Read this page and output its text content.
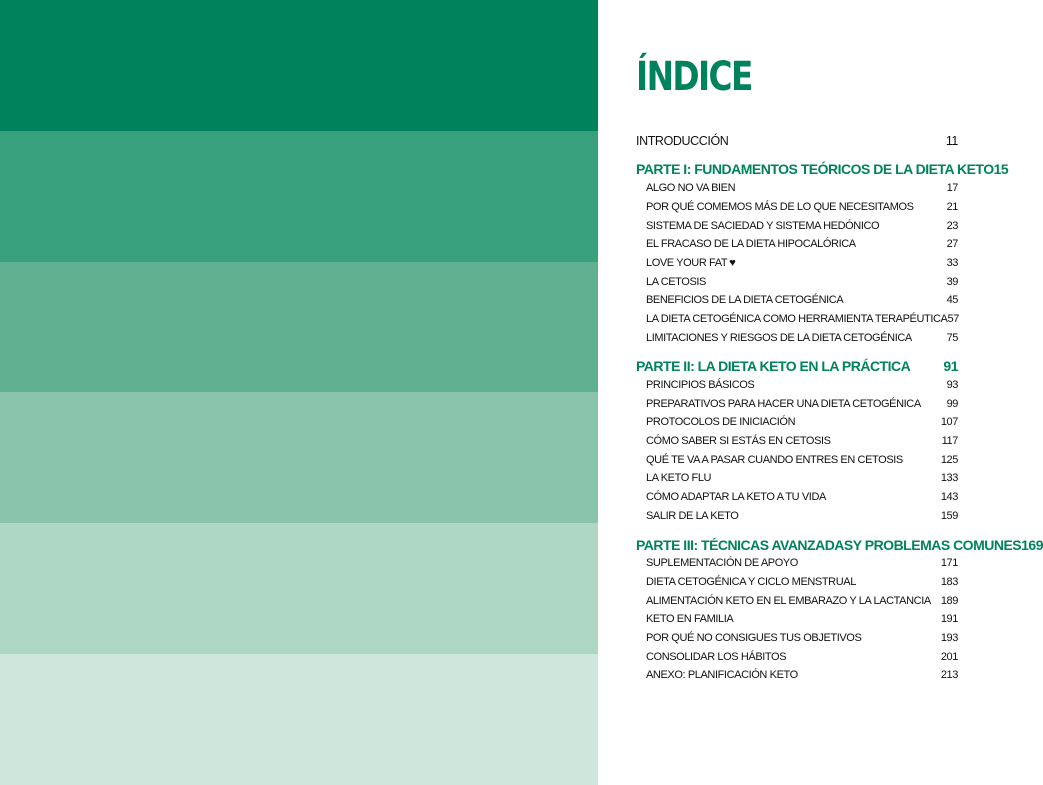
ÍNDICE
INTRODUCCIÓN	11
PARTE I: FUNDAMENTOS TEÓRICOS DE LA DIETA KETO 15
ALGO NO VA BIEN	17
POR QUÉ COMEMOS MÁS DE LO QUE NECESITAMOS	21
SISTEMA DE SACIEDAD Y SISTEMA HEDÓNICO	23
EL FRACASO DE LA DIETA HIPOCALÓRICA	27
LOVE YOUR FAT ♥	33
LA CETOSIS	39
BENEFICIOS DE LA DIETA CETOGÉNICA	45
LA DIETA CETOGÉNICA COMO HERRAMIENTA TERAPÉUTICA 57
LIMITACIONES Y RIESGOS DE LA DIETA CETOGÉNICA	75
PARTE II: LA DIETA KETO EN LA PRÁCTICA 91
PRINCIPIOS BÁSICOS	93
PREPARATIVOS PARA HACER UNA DIETA CETOGÉNICA 99
PROTOCOLOS DE INICIACIÓN	107
CÓMO SABER SI ESTÁS EN CETOSIS	117
QUÉ TE VA A PASAR CUANDO ENTRES EN CETOSIS	125
LA KETO FLU	133
CÓMO ADAPTAR LA KETO A TU VIDA	143
SALIR DE LA KETO	159
PARTE III: TÉCNICAS AVANZADASY PROBLEMAS COMUNES 169
SUPLEMENTACIÓN DE APOYO	171
DIETA CETOGÉNICA Y CICLO MENSTRUAL	183
ALIMENTACIÓN KETO EN EL EMBARAZO Y LA LACTANCIA 189
KETO EN FAMILIA	191
POR QUÉ NO CONSIGUES TUS OBJETIVOS	193
CONSOLIDAR LOS HÁBITOS	201
ANEXO: PLANIFICACIÓN KETO	213
